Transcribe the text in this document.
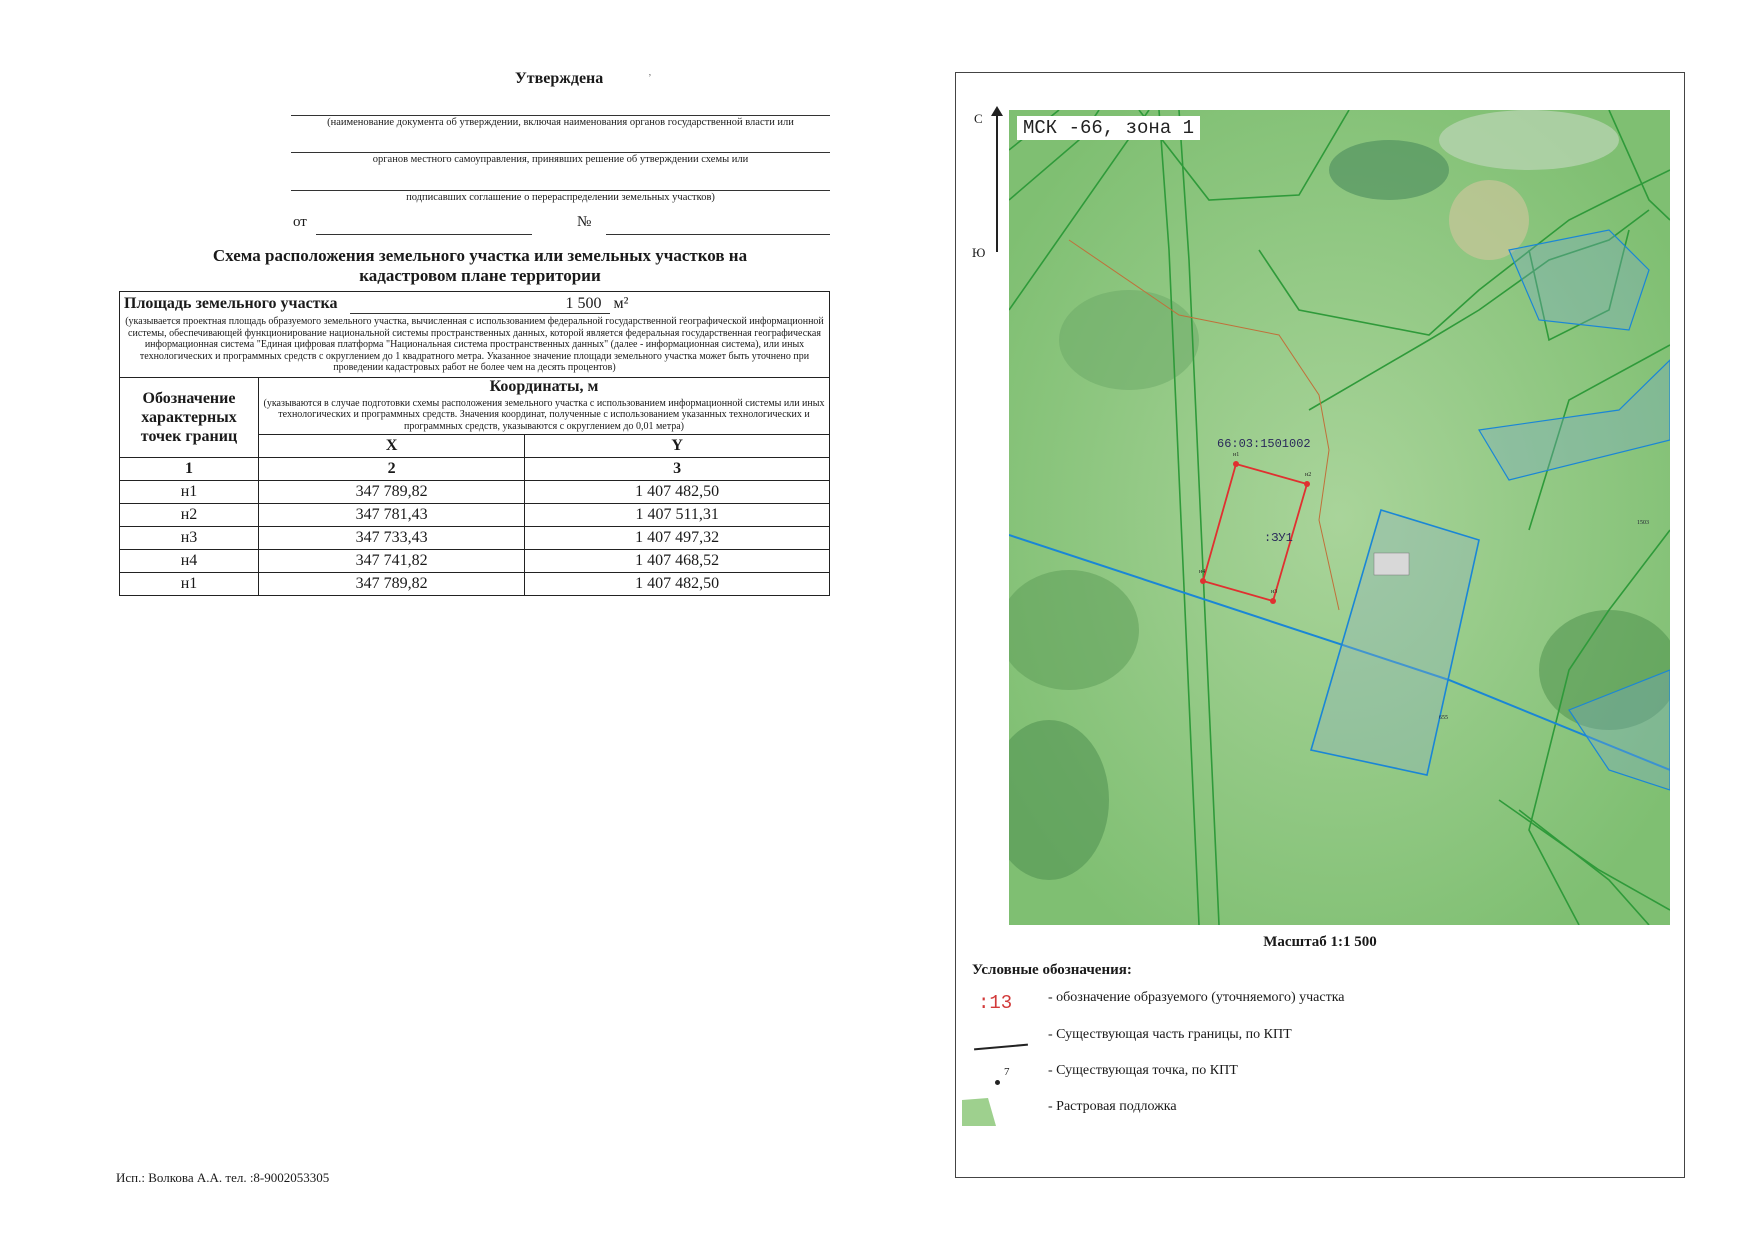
Утверждена	ʼ
(наименование документа об утверждении, включая наименования органов государственной власти или
органов местного самоуправления, принявших решение об утверждении схемы или
подписавших соглашение о перераспределении земельных участков)
от	№
Схема расположения земельного участка или земельных участков на кадастровом плане территории
Площадь земельного участка 1 500 м²
(указывается проектная площадь образуемого земельного участка, вычисленная с использованием федеральной государственной географической информационной системы, обеспечивающей функционирование национальной системы пространственных данных, которой является федеральная государственная географическая информационная система "Единая цифровая платформа "Национальная система пространственных данных" (далее - информационная система), или иных технологических и программных средств с округлением до 1 квадратного метра. Указанное значение площади земельного участка может быть уточнено при проведении кадастровых работ не более чем на десять процентов)		

Обозначение характерных точек границ	Координаты, м
(указываются в случае подготовки схемы расположения земельного участка с использованием информационной системы или иных технологических и программных средств. Значения координат, полученные с использованием указанных технологических и программных средств, указываются с округлением до 0,01 метра)	

	X	Y
1	2	3
н1	347 789,82	1 407 482,50
н2	347 781,43	1 407 511,31
н3	347 733,43	1 407 497,32
н4	347 741,82	1 407 468,52
н1	347 789,82	1 407 482,50
Исп.: Волкова А.А. тел. :8-9002053305
С
Ю
МСК -66, зона 1
66:03:1501002
:ЗУ1
н1
н2
н3
н4
1503
655
Масштаб 1:1 500
Условные обозначения:
:13	- обозначение образуемого (уточняемого) участка
- Существующая часть границы, по КПТ
7	- Существующая точка, по КПТ
- Растровая подложка
